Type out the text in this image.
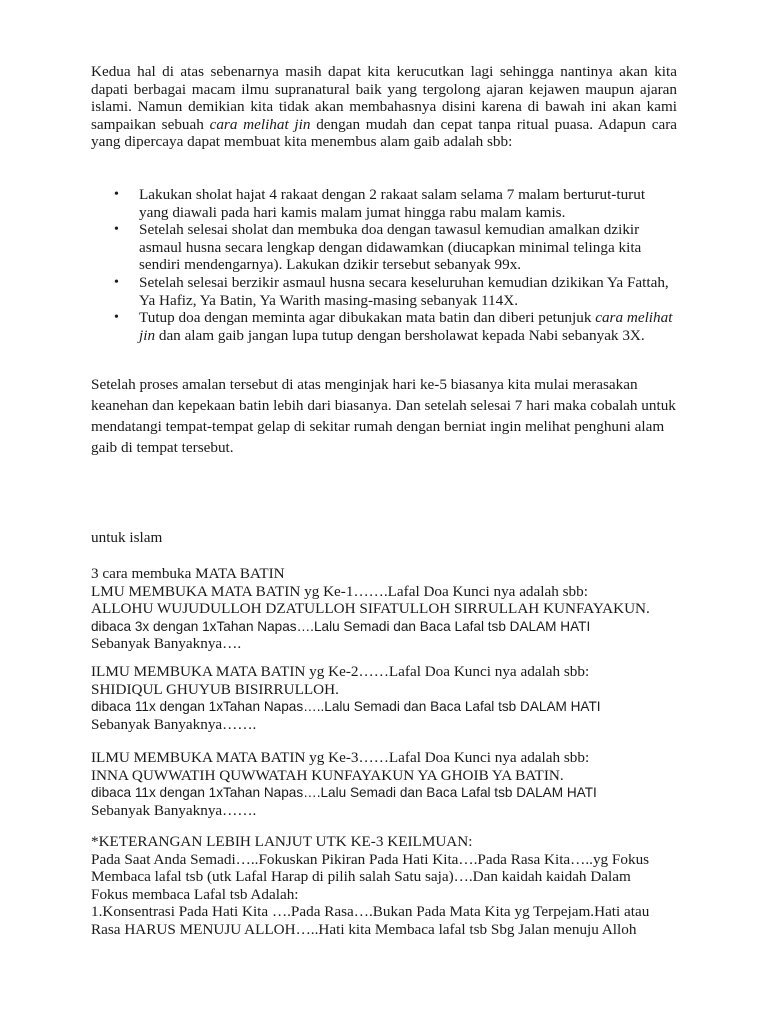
Kedua hal di atas sebenarnya masih dapat kita kerucutkan lagi sehingga nantinya akan kita dapati berbagai macam ilmu supranatural baik yang tergolong ajaran kejawen maupun ajaran islami. Namun demikian kita tidak akan membahasnya disini karena di bawah ini akan kami sampaikan sebuah cara melihat jin dengan mudah dan cepat tanpa ritual puasa. Adapun cara yang dipercaya dapat membuat kita menembus alam gaib adalah sbb:
• Lakukan sholat hajat 4 rakaat dengan 2 rakaat salam selama 7 malam berturut-turut yang diawali pada hari kamis malam jumat hingga rabu malam kamis.
• Setelah selesai sholat dan membuka doa dengan tawasul kemudian amalkan dzikir asmaul husna secara lengkap dengan didawamkan (diucapkan minimal telinga kita sendiri mendengarnya). Lakukan dzikir tersebut sebanyak 99x.
• Setelah selesai berzikir asmaul husna secara keseluruhan kemudian dzikikan Ya Fattah, Ya Hafiz, Ya Batin, Ya Warith masing-masing sebanyak 114X.
• Tutup doa dengan meminta agar dibukakan mata batin dan diberi petunjuk cara melihat jin dan alam gaib jangan lupa tutup dengan bersholawat kepada Nabi sebanyak 3X.
Setelah proses amalan tersebut di atas menginjak hari ke-5 biasanya kita mulai merasakan keanehan dan kepekaan batin lebih dari biasanya. Dan setelah selesai 7 hari maka cobalah untuk mendatangi tempat-tempat gelap di sekitar rumah dengan berniat ingin melihat penghuni alam gaib di tempat tersebut.
untuk islam
3 cara membuka MATA BATIN
LMU MEMBUKA MATA BATIN yg Ke-1…….Lafal Doa Kunci nya adalah sbb:
ALLOHU WUJUDULLOH DZATULLOH SIFATULLOH SIRRULLAH KUNFAYAKUN.
dibaca 3x dengan 1xTahan Napas….Lalu Semadi dan Baca Lafal tsb DALAM HATI
Sebanyak Banyaknya….
ILMU MEMBUKA MATA BATIN yg Ke-2……Lafal Doa Kunci nya adalah sbb:
SHIDIQUL GHUYUB BISIRRULLOH.
dibaca 11x dengan 1xTahan Napas…..Lalu Semadi dan Baca Lafal tsb DALAM HATI
Sebanyak Banyaknya…….
ILMU MEMBUKA MATA BATIN yg Ke-3……Lafal Doa Kunci nya adalah sbb:
INNA QUWWATIH QUWWATAH KUNFAYAKUN YA GHOIB YA BATIN.
dibaca 11x dengan 1xTahan Napas….Lalu Semadi dan Baca Lafal tsb DALAM HATI
Sebanyak Banyaknya…….
*KETERANGAN LEBIH LANJUT UTK KE-3 KEILMUAN:
Pada Saat Anda Semadi…..Fokuskan Pikiran Pada Hati Kita….Pada Rasa Kita…..yg Fokus
Membaca lafal tsb (utk Lafal Harap di pilih salah Satu saja)….Dan kaidah kaidah Dalam
Fokus membaca Lafal tsb Adalah:
1.Konsentrasi Pada Hati Kita ….Pada Rasa….Bukan Pada Mata Kita yg Terpejam.Hati atau
Rasa HARUS MENUJU ALLOH…..Hati kita Membaca lafal tsb Sbg Jalan menuju Alloh
